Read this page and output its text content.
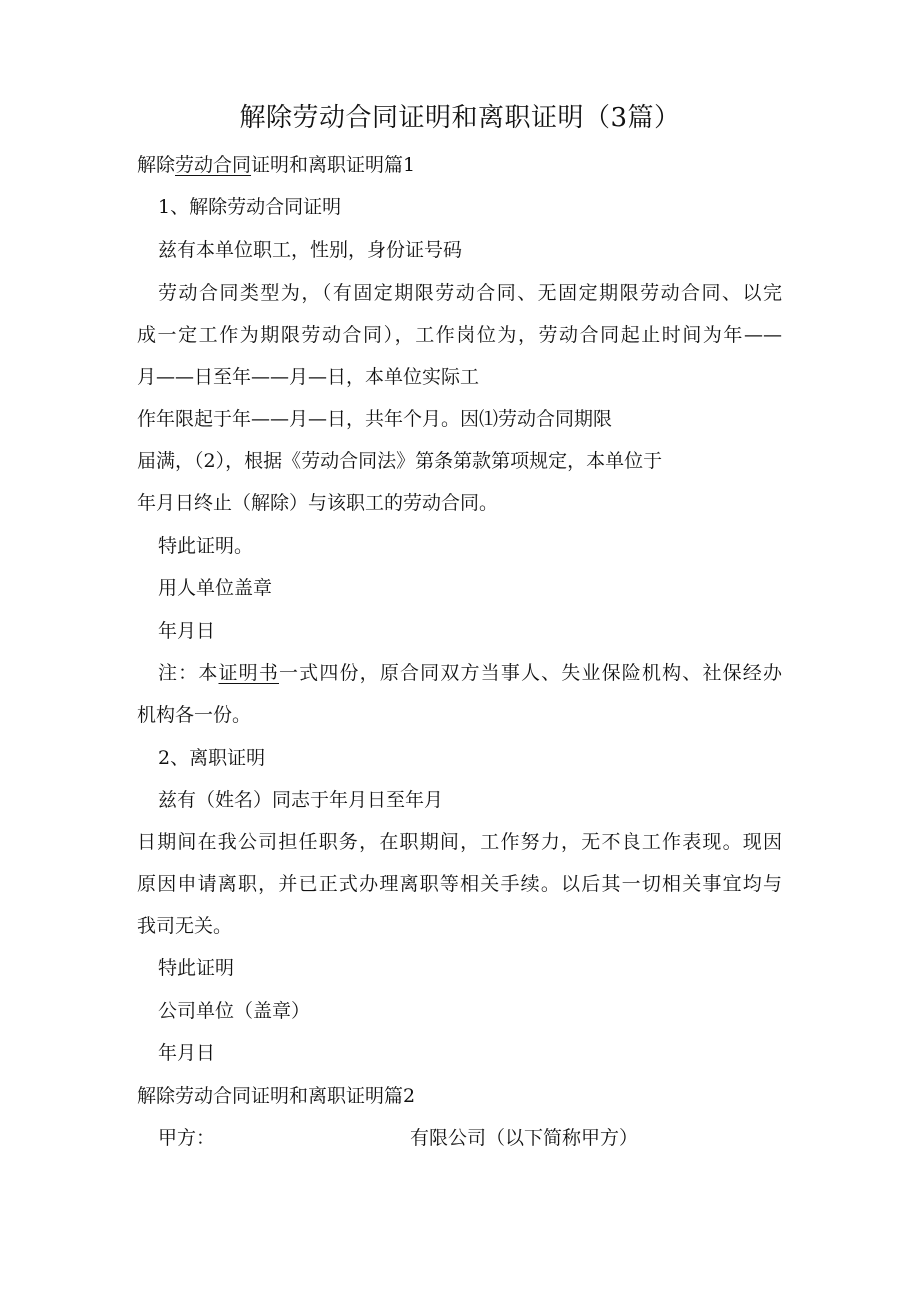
解除劳动合同证明和离职证明（3篇）
解除劳动合同证明和离职证明篇1
1、解除劳动合同证明
兹有本单位职工，性别，身份证号码
劳动合同类型为，（有固定期限劳动合同、无固定期限劳动合同、以完
成一定工作为期限劳动合同），工作岗位为，劳动合同起止时间为年——
月——日至年——月—日，本单位实际工
作年限起于年——月—日，共年个月。因⑴劳动合同期限
届满，（2），根据《劳动合同法》第条第款第项规定，本单位于
年月日终止（解除）与该职工的劳动合同。
特此证明。
用人单位盖章
年月日
注：本证明书一式四份，原合同双方当事人、失业保险机构、社保经办
机构各一份。
2、离职证明
兹有（姓名）同志于年月日至年月
日期间在我公司担任职务，在职期间，工作努力，无不良工作表现。现因
原因申请离职，并已正式办理离职等相关手续。以后其一切相关事宜均与
我司无关。
特此证明
公司单位（盖章）
年月日
解除劳动合同证明和离职证明篇2
甲方：	有限公司（以下简称甲方）
